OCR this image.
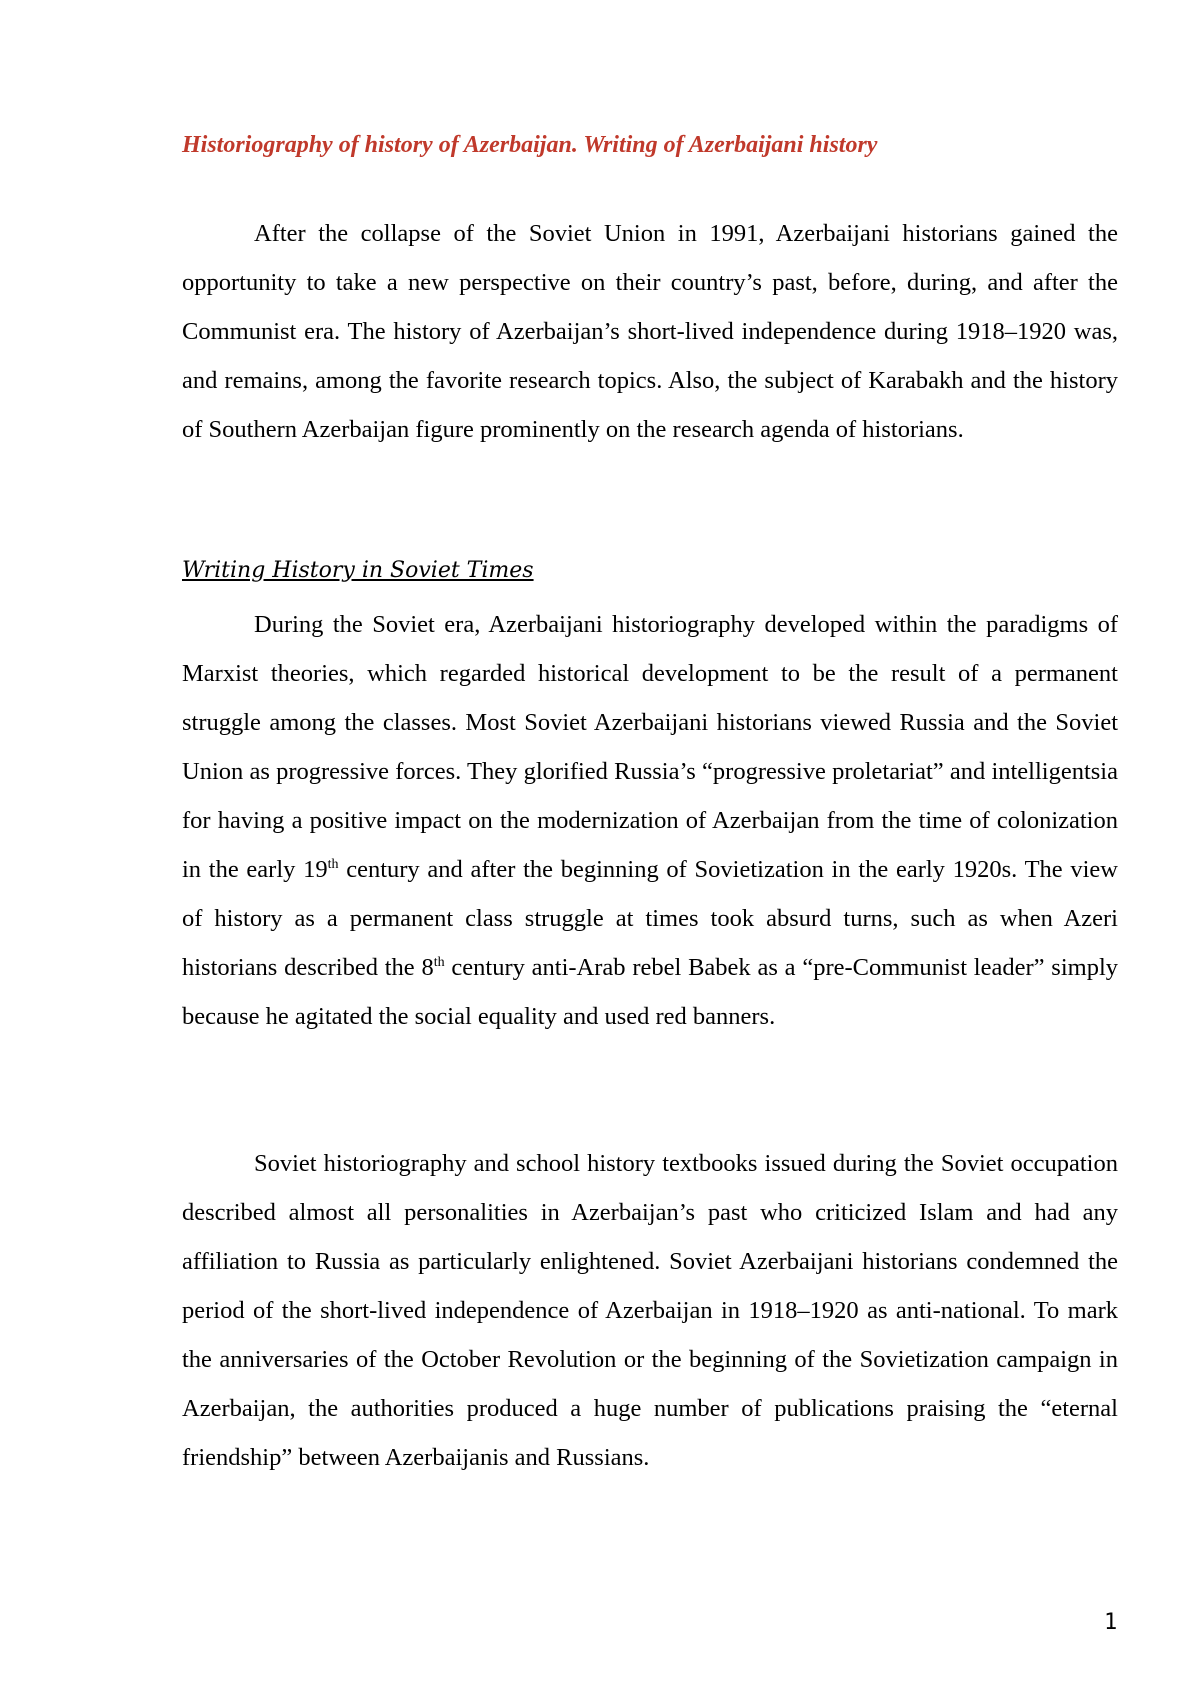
Historiography of history of Azerbaijan. Writing of Azerbaijani history

After the collapse of the Soviet Union in 1991, Azerbaijani historians gained the opportunity to take a new perspective on their country’s past, before, during, and after the Communist era. The history of Azerbaijan’s short-lived independence during 1918–1920 was, and remains, among the favorite research topics. Also, the subject of Karabakh and the history of Southern Azerbaijan figure prominently on the research agenda of historians.

Writing History in Soviet Times

During the Soviet era, Azerbaijani historiography developed within the paradigms of Marxist theories, which regarded historical development to be the result of a permanent struggle among the classes. Most Soviet Azerbaijani historians viewed Russia and the Soviet Union as progressive forces. They glorified Russia’s “progressive proletariat” and intelligentsia for having a positive impact on the modernization of Azerbaijan from the time of colonization in the early 19th century and after the beginning of Sovietization in the early 1920s. The view of history as a permanent class struggle at times took absurd turns, such as when Azeri historians described the 8th century anti-Arab rebel Babek as a “pre-Communist leader” simply because he agitated the social equality and used red banners.

Soviet historiography and school history textbooks issued during the Soviet occupation described almost all personalities in Azerbaijan’s past who criticized Islam and had any affiliation to Russia as particularly enlightened. Soviet Azerbaijani historians condemned the period of the short-lived independence of Azerbaijan in 1918–1920 as anti-national. To mark the anniversaries of the October Revolution or the beginning of the Sovietization campaign in Azerbaijan, the authorities produced a huge number of publications praising the “eternal friendship” between Azerbaijanis and Russians.

1
